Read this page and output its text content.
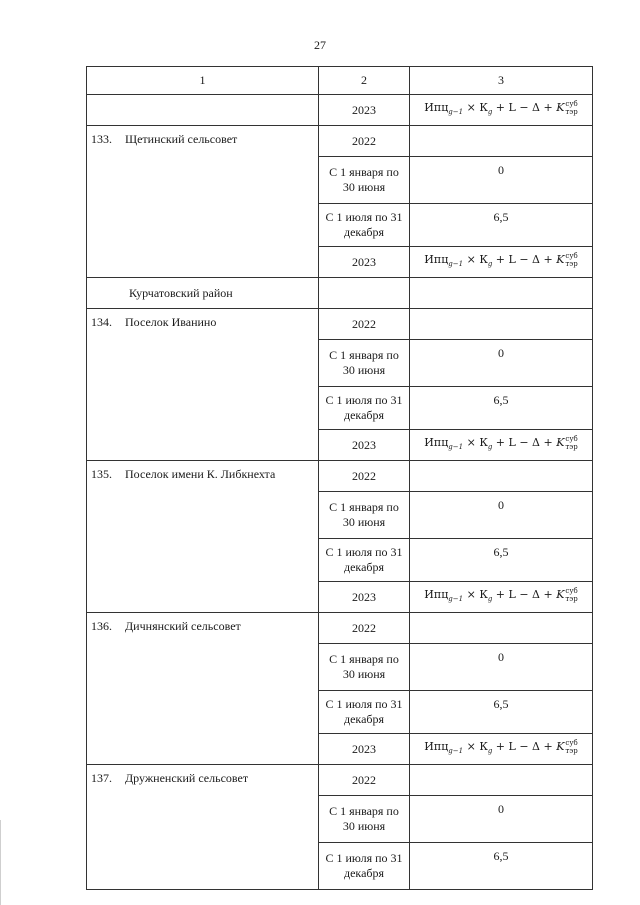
27
1	2	3
	2023	$Ипц_{g-1} \times К_g + L - \Delta + K$ суб
тэр

133. Щетинский сельсовет	2022	
	С 1 января по 30 июня	0
	С 1 июля по 31 декабря	6,5
	2023	$Ипц_{g-1} \times К_g + L - \Delta + K$ суб
тэр

Курчатовский район		
134. Поселок Иванино	2022	
	С 1 января по 30 июня	0
	С 1 июля по 31 декабря	6,5
	2023	$Ипц_{g-1} \times К_g + L - \Delta + K$ суб
тэр

135. Поселок имени К. Либкнехта	2022	
	С 1 января по 30 июня	0
	С 1 июля по 31 декабря	6,5
	2023	$Ипц_{g-1} \times К_g + L - \Delta + K$ суб
тэр

136. Дичнянский сельсовет	2022	
	С 1 января по 30 июня	0
	С 1 июля по 31 декабря	6,5
	2023	$Ипц_{g-1} \times К_g + L - \Delta + K$ суб
тэр

137. Дружненский сельсовет	2022	
	С 1 января по 30 июня	0
	С 1 июля по 31 декабря	6,5
